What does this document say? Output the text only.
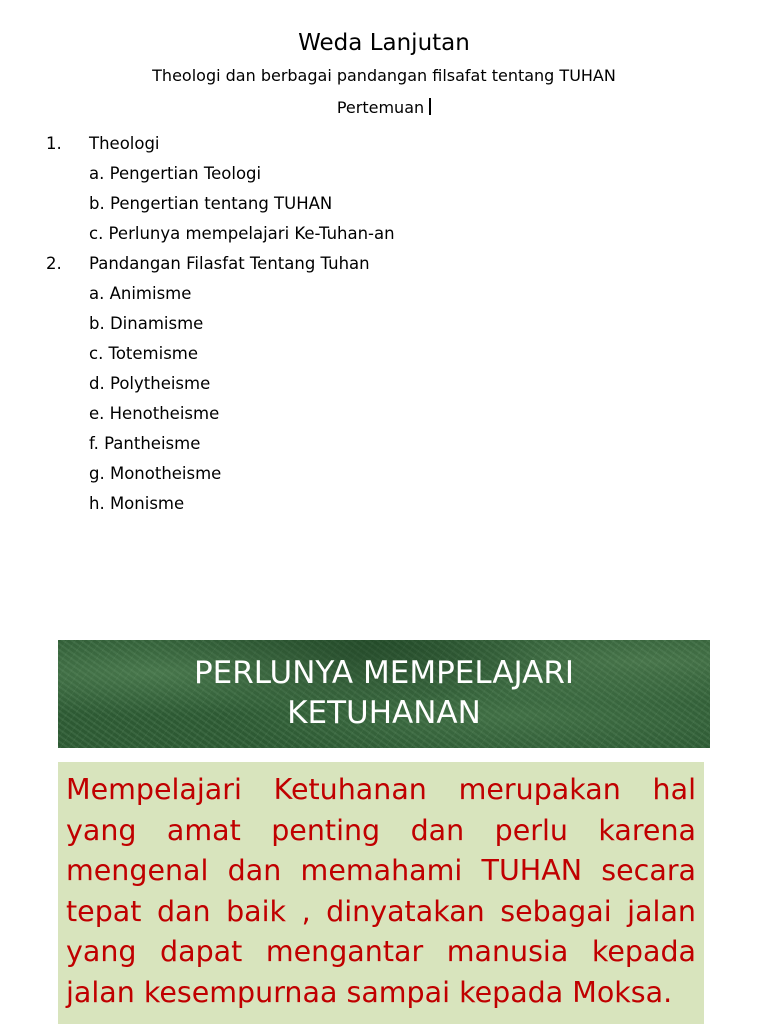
Weda Lanjutan
Theologi dan berbagai pandangan filsafat tentang TUHAN
Pertemuan
1. Theologi
a. Pengertian Teologi
b. Pengertian tentang TUHAN
c. Perlunya mempelajari Ke-Tuhan-an
2. Pandangan Filasfat Tentang Tuhan
a. Animisme
b. Dinamisme
c. Totemisme
d. Polytheisme
e. Henotheisme
f. Pantheisme
g. Monotheisme
h. Monisme
PERLUNYA MEMPELAJARI
KETUHANAN

Mempelajari Ketuhanan merupakan hal yang amat penting dan perlu karena mengenal dan memahami TUHAN secara tepat dan baik , dinyatakan sebagai jalan yang dapat mengantar manusia kepada jalan kesempurnaa sampai kepada Moksa.
